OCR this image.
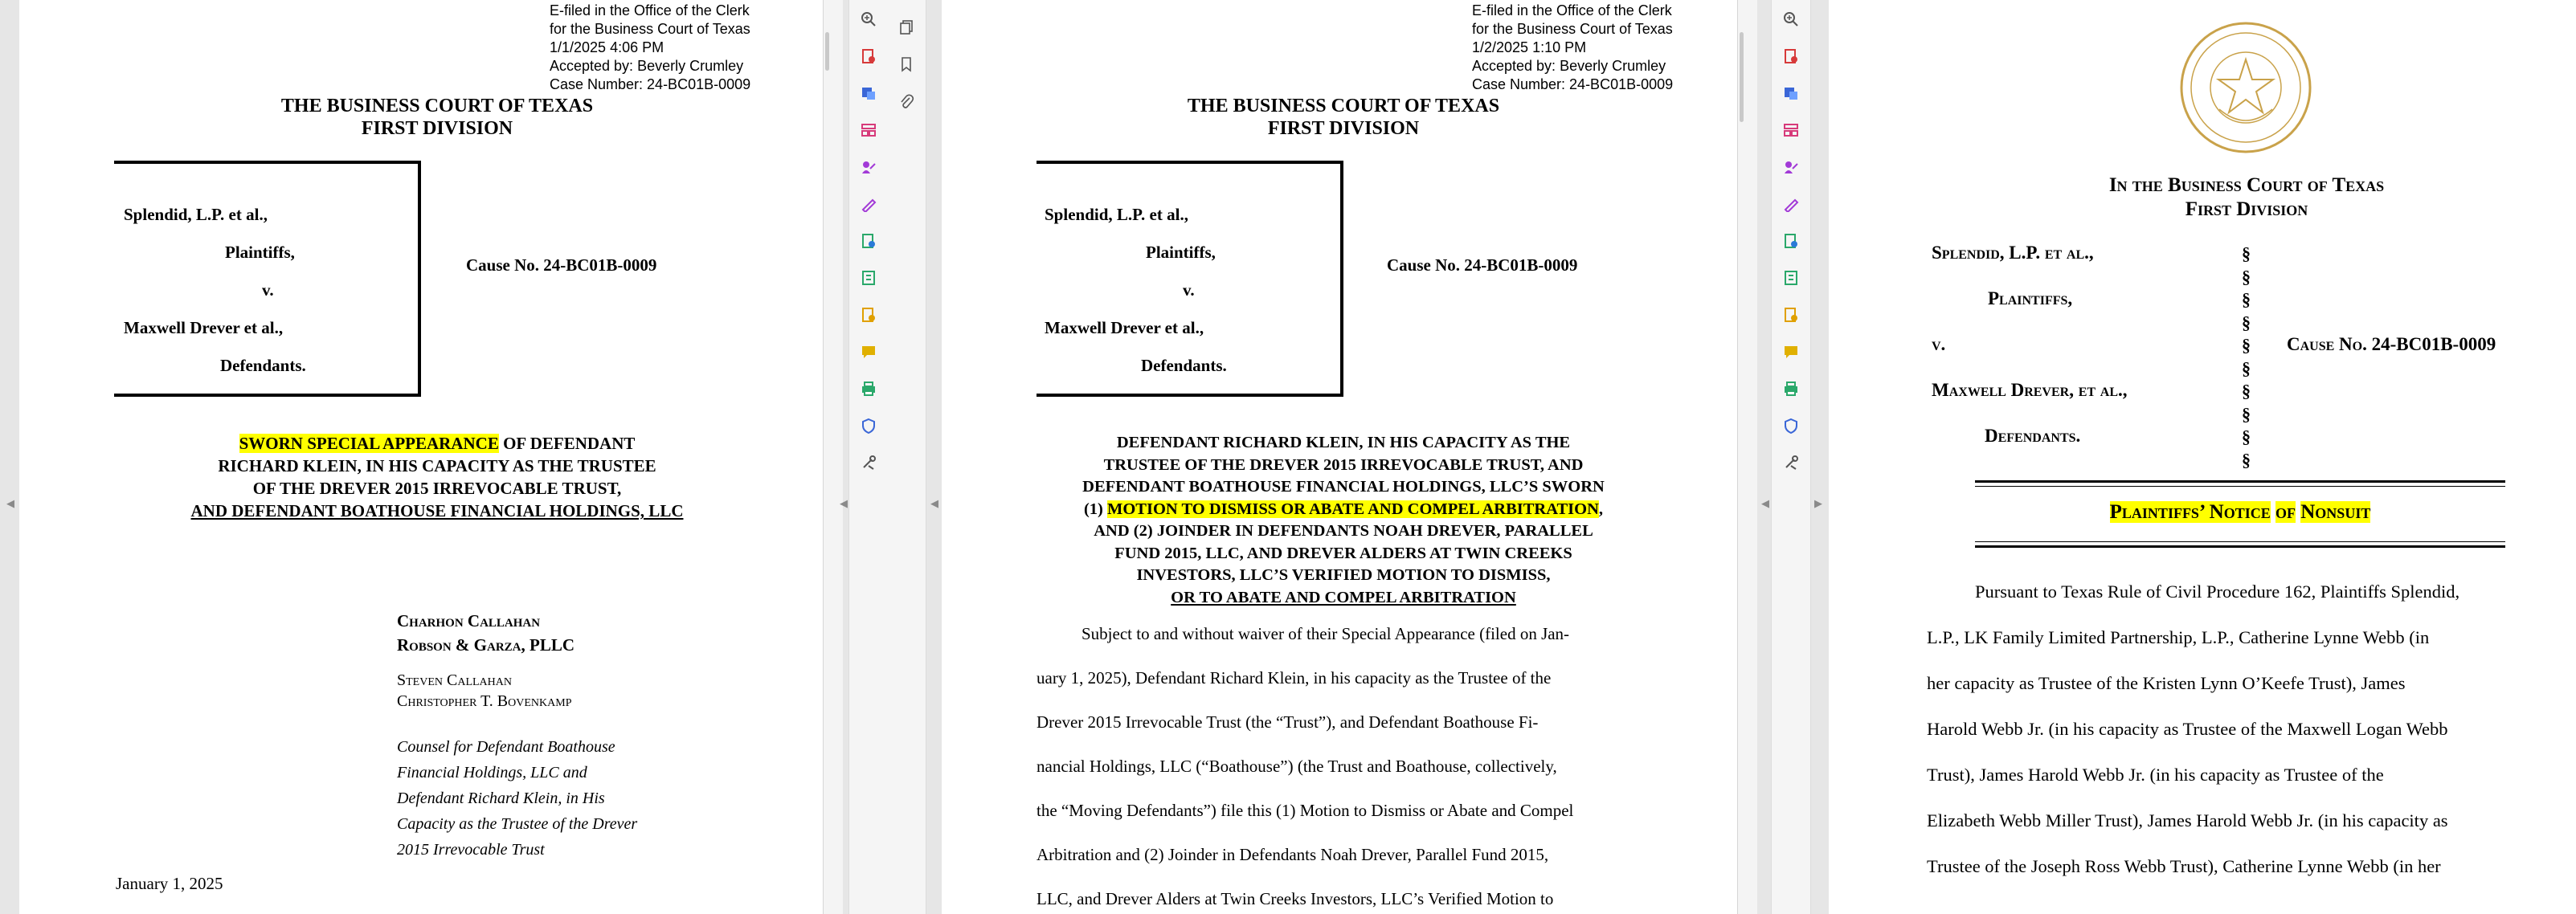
◀
E-filed in the Office of the Clerk
for the Business Court of Texas
1/1/2025 4:06 PM
Accepted by: Beverly Crumley
Case Number: 24-BC01B-0009
THE BUSINESS COURT OF TEXAS
FIRST DIVISION
Splendid, L.P. et al.,
Plaintiffs,
v.
Maxwell Drever et al.,
Defendants.
Cause No. 24-BC01B-0009
SWORN SPECIAL APPEARANCE OF DEFENDANT
RICHARD KLEIN, IN HIS CAPACITY AS THE TRUSTEE
OF THE DREVER 2015 IRREVOCABLE TRUST,
AND DEFENDANT BOATHOUSE FINANCIAL HOLDINGS, LLC
Charhon Callahan
Robson & Garza, PLLC
Steven Callahan
Christopher T. Bovenkamp
Counsel for Defendant Boathouse
Financial Holdings, LLC and
Defendant Richard Klein, in His
Capacity as the Trustee of the Drever
2015 Irrevocable Trust
January 1, 2025
◀	◀
E-filed in the Office of the Clerk
for the Business Court of Texas
1/2/2025 1:10 PM
Accepted by: Beverly Crumley
Case Number: 24-BC01B-0009
THE BUSINESS COURT OF TEXAS
FIRST DIVISION
Splendid, L.P. et al.,
Plaintiffs,
v.
Maxwell Drever et al.,
Defendants.
Cause No. 24-BC01B-0009
DEFENDANT RICHARD KLEIN, IN HIS CAPACITY AS THE
TRUSTEE OF THE DREVER 2015 IRREVOCABLE TRUST, AND
DEFENDANT BOATHOUSE FINANCIAL HOLDINGS, LLC’S SWORN
(1) MOTION TO DISMISS OR ABATE AND COMPEL ARBITRATION,
AND (2) JOINDER IN DEFENDANTS NOAH DREVER, PARALLEL
FUND 2015, LLC, AND DREVER ALDERS AT TWIN CREEKS
INVESTORS, LLC’S VERIFIED MOTION TO DISMISS,
OR TO ABATE AND COMPEL ARBITRATION
Subject to and without waiver of their Special Appearance (filed on Jan-
uary 1, 2025), Defendant Richard Klein, in his capacity as the Trustee of the
Drever 2015 Irrevocable Trust (the “Trust”), and Defendant Boathouse Fi-
nancial Holdings, LLC (“Boathouse”) (the Trust and Boathouse, collectively,
the “Moving Defendants”) file this (1) Motion to Dismiss or Abate and Compel
Arbitration and (2) Joinder in Defendants Noah Drever, Parallel Fund 2015,
LLC, and Drever Alders at Twin Creeks Investors, LLC’s Verified Motion to
◀	▶
In the Business Court of Texas
First Division
Splendid, L.P. et al.,
Plaintiffs,
v.
Maxwell Drever, et al.,
Defendants.
§
§
§
§
§
§
§
§
§
§
Cause No. 24-BC01B-0009
Plaintiffs’ Notice of Nonsuit
Pursuant to Texas Rule of Civil Procedure 162, Plaintiffs Splendid,
L.P., LK Family Limited Partnership, L.P., Catherine Lynne Webb (in
her capacity as Trustee of the Kristen Lynn O’Keefe Trust), James
Harold Webb Jr. (in his capacity as Trustee of the Maxwell Logan Webb
Trust), James Harold Webb Jr. (in his capacity as Trustee of the
Elizabeth Webb Miller Trust), James Harold Webb Jr. (in his capacity as
Trustee of the Joseph Ross Webb Trust), Catherine Lynne Webb (in her
